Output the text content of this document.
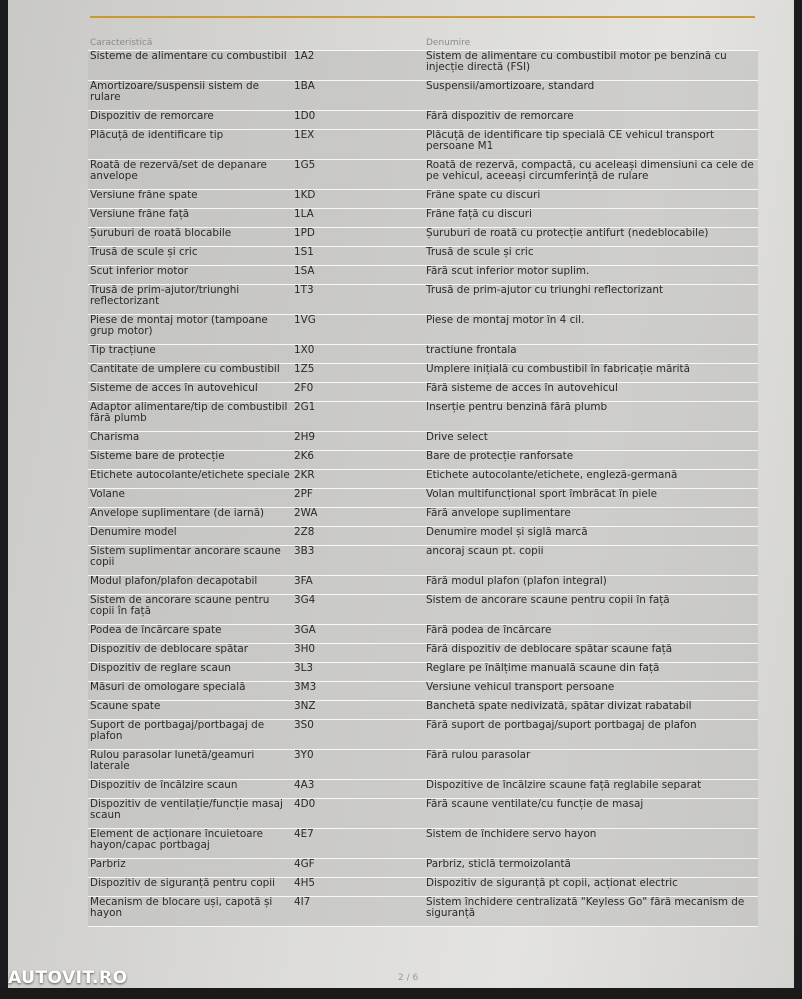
Caracteristică		Denumire
Sisteme de alimentare cu combustibil	1A2	Sistem de alimentare cu combustibil motor pe benzină cu injecție directă (FSI)
Amortizoare/suspensii sistem de rulare	1BA	Suspensii/amortizoare, standard
Dispozitiv de remorcare	1D0	Fără dispozitiv de remorcare
Plăcuță de identificare tip	1EX	Plăcuță de identificare tip specială CE vehicul transport persoane M1
Roată de rezervă/set de depanare anvelope	1G5	Roată de rezervă, compactă, cu aceleași dimensiuni ca cele de pe vehicul, aceeași circumferință de rulare
Versiune frâne spate	1KD	Frâne spate cu discuri
Versiune frâne față	1LA	Frâne față cu discuri
Șuruburi de roată blocabile	1PD	Șuruburi de roată cu protecție antifurt (nedeblocabile)
Trusă de scule și cric	1S1	Trusă de scule și cric
Scut inferior motor	1SA	Fără scut inferior motor suplim.
Trusă de prim-ajutor/triunghi reflectorizant	1T3	Trusă de prim-ajutor cu triunghi reflectorizant
Piese de montaj motor (tampoane grup motor)	1VG	Piese de montaj motor în 4 cil.
Tip tracțiune	1X0	tractiune frontala
Cantitate de umplere cu combustibil	1Z5	Umplere inițială cu combustibil în fabricație mărită
Sisteme de acces în autovehicul	2F0	Fără sisteme de acces în autovehicul
Adaptor alimentare/tip de combustibil fără plumb	2G1	Inserție pentru benzină fără plumb
Charisma	2H9	Drive select
Sisteme bare de protecție	2K6	Bare de protecție ranforsate
Etichete autocolante/etichete speciale	2KR	Etichete autocolante/etichete, engleză-germană
Volane	2PF	Volan multifuncțional sport îmbrăcat în piele
Anvelope suplimentare (de iarnă)	2WA	Fără anvelope suplimentare
Denumire model	2Z8	Denumire model și siglă marcă
Sistem suplimentar ancorare scaune copii	3B3	ancoraj scaun pt. copii
Modul plafon/plafon decapotabil	3FA	Fără modul plafon (plafon integral)
Sistem de ancorare scaune pentru copii în față	3G4	Sistem de ancorare scaune pentru copii în față
Podea de încărcare spate	3GA	Fără podea de încărcare
Dispozitiv de deblocare spătar	3H0	Fără dispozitiv de deblocare spătar scaune față
Dispozitiv de reglare scaun	3L3	Reglare pe înălțime manuală scaune din față
Măsuri de omologare specială	3M3	Versiune vehicul transport persoane
Scaune spate	3NZ	Banchetă spate nedivizată, spătar divizat rabatabil
Suport de portbagaj/portbagaj de plafon	3S0	Fără suport de portbagaj/suport portbagaj de plafon
Rulou parasolar lunetă/geamuri laterale	3Y0	Fără rulou parasolar
Dispozitiv de încălzire scaun	4A3	Dispozitive de încălzire scaune față reglabile separat
Dispozitiv de ventilație/funcție masaj scaun	4D0	Fără scaune ventilate/cu funcție de masaj
Element de acționare încuietoare hayon/capac portbagaj	4E7	Sistem de închidere servo hayon
Parbriz	4GF	Parbriz, sticlă termoizolantă
Dispozitiv de siguranță pentru copii	4H5	Dispozitiv de siguranță pt copii, acționat electric
Mecanism de blocare uși, capotă și hayon	4I7	Sistem închidere centralizată "Keyless Go" fără mecanism de siguranță
2 / 6
AUTOVIT.RO
